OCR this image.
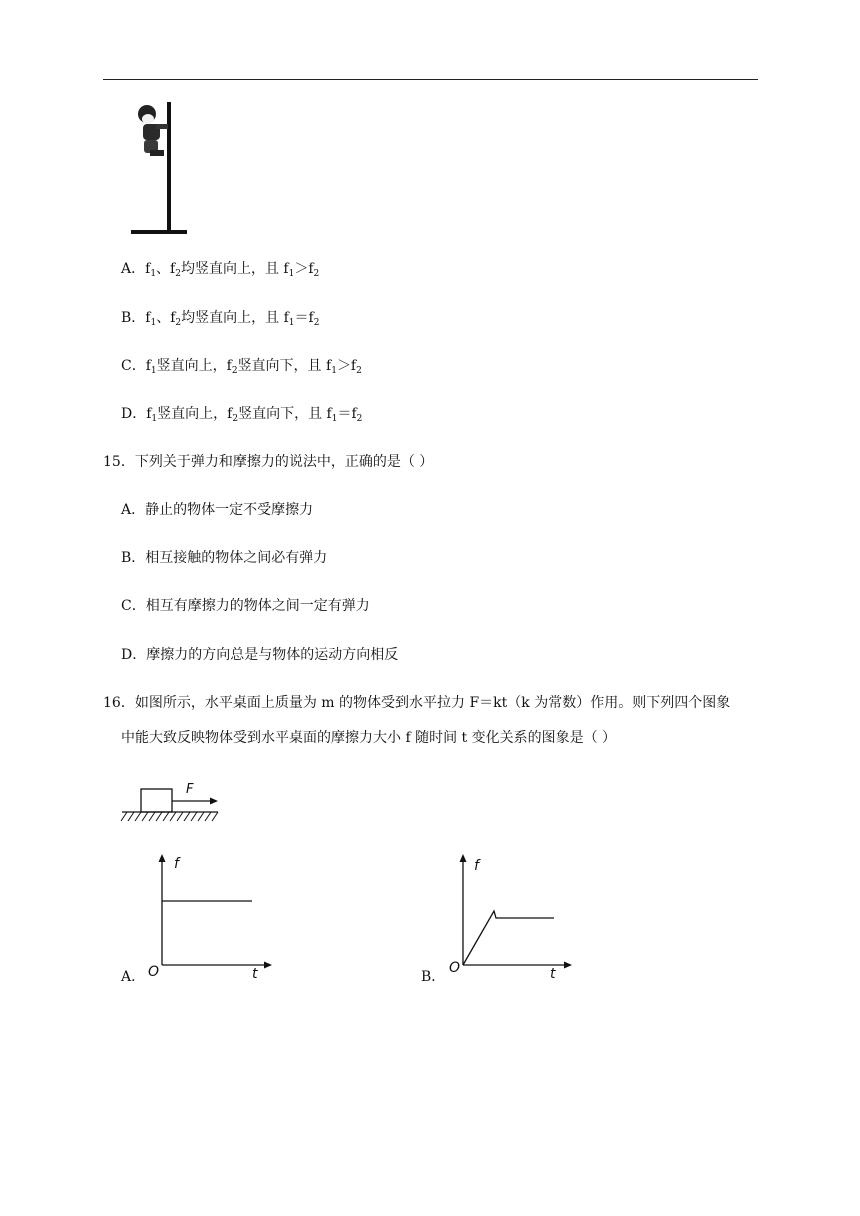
A．$f_1$、$f_2$均竖直向上，且 $f_1>f_2$
B．$f_1$、$f_2$均竖直向上，且 $f_1=f_2$
C．$f_1$竖直向上，$f_2$竖直向下，且 $f_1>f_2$
D．$f_1$竖直向上，$f_2$竖直向下，且 $f_1=f_2$
15．下列关于弹力和摩擦力的说法中，正确的是（ ）
A．静止的物体一定不受摩擦力
B．相互接触的物体之间必有弹力
C．相互有摩擦力的物体之间一定有弹力
D．摩擦力的方向总是与物体的运动方向相反
16．如图所示，水平桌面上质量为 m 的物体受到水平拉力 F＝kt（k 为常数）作用。则下列四个图象
中能大致反映物体受到水平桌面的摩擦力大小 f 随时间 t 变化关系的图象是（ ）
F
A．
f
t
O	B．
f
t
O
